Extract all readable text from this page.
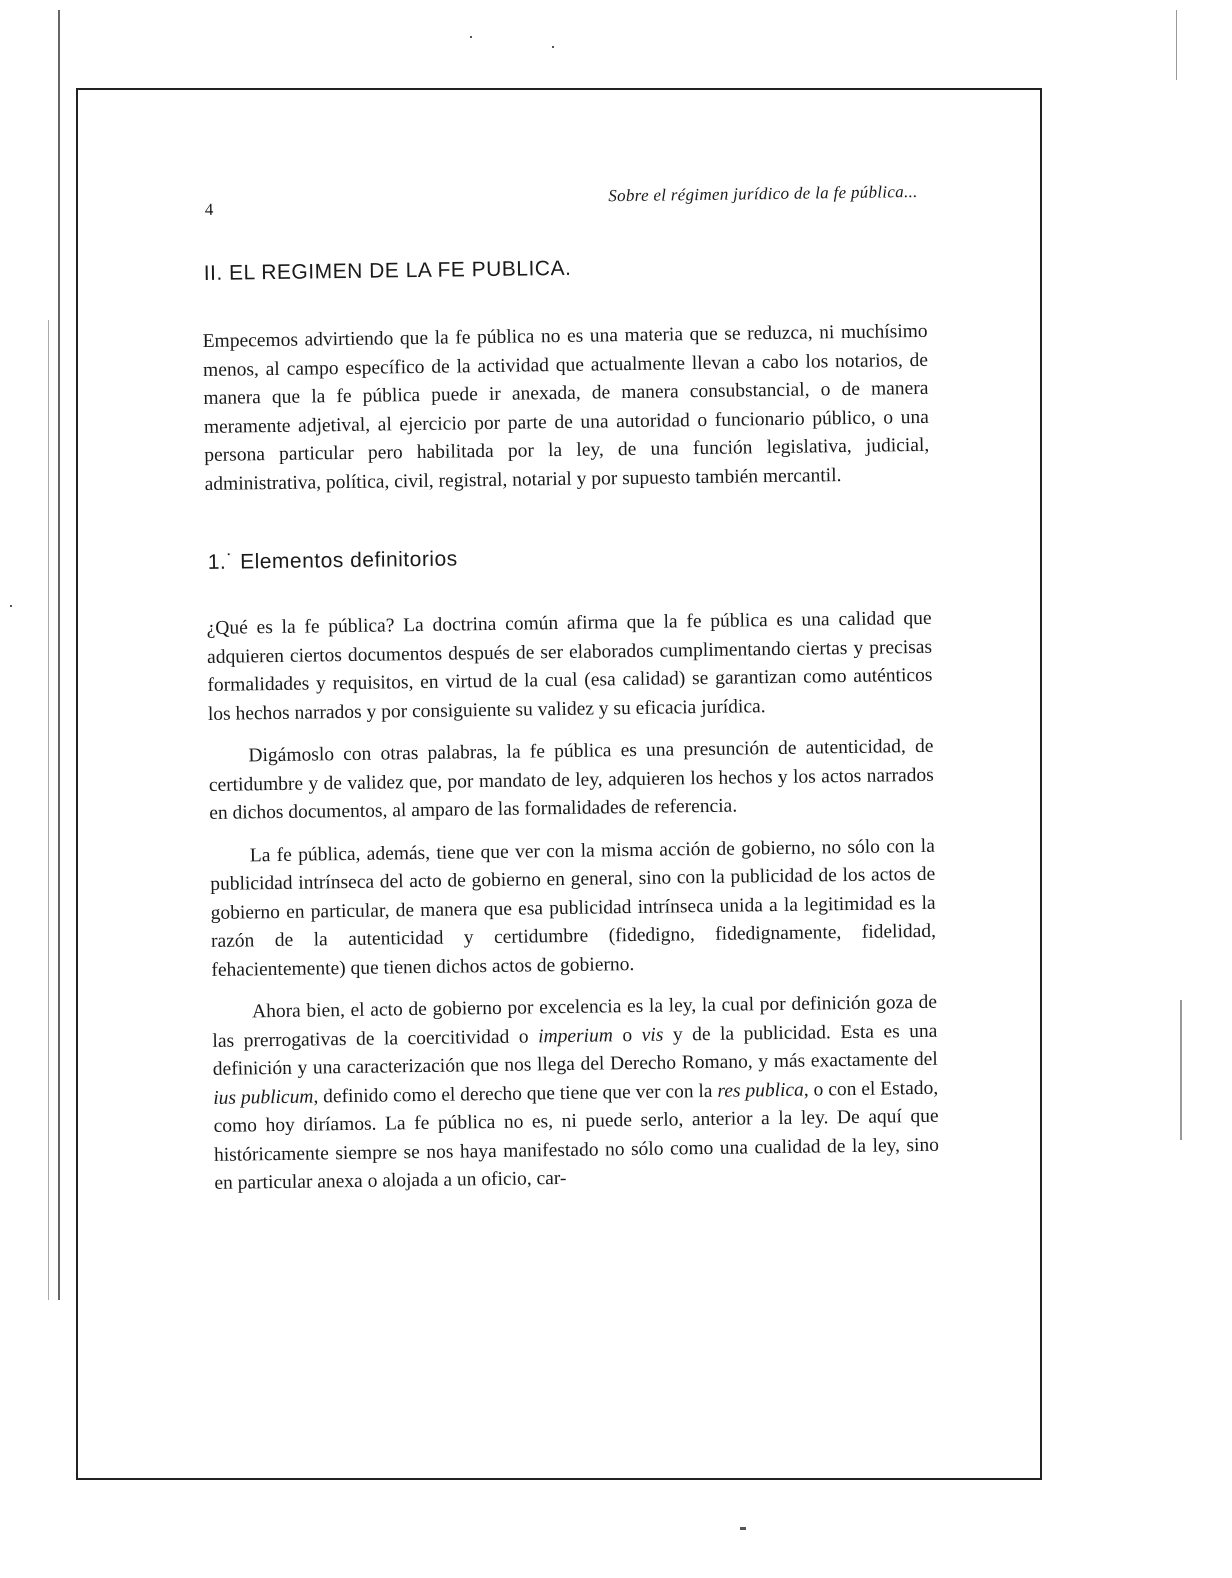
4
Sobre el régimen jurídico de la fe pública...
II. EL REGIMEN DE LA FE PUBLICA.

Empecemos advirtiendo que la fe pública no es una materia que se reduzca, ni muchísimo menos, al campo específico de la actividad que actualmente llevan a cabo los notarios, de manera que la fe pública puede ir anexada, de manera consubstancial, o de manera meramente adjetival, al ejercicio por parte de una autoridad o funcionario público, o una persona particular pero habilitada por la ley, de una función legislativa, judicial, administrativa, política, civil, registral, notarial y por supuesto también mercantil.

1.˙ Elementos definitorios

¿Qué es la fe pública? La doctrina común afirma que la fe pública es una calidad que adquieren ciertos documentos después de ser elaborados cumplimentando ciertas y precisas formalidades y requisitos, en virtud de la cual (esa calidad) se garantizan como auténticos los hechos narrados y por consiguiente su validez y su eficacia jurídica.

Digámoslo con otras palabras, la fe pública es una presunción de autenticidad, de certidumbre y de validez que, por mandato de ley, adquieren los hechos y los actos narrados en dichos documentos, al amparo de las formalidades de referencia.

La fe pública, además, tiene que ver con la misma acción de gobierno, no sólo con la publicidad intrínseca del acto de gobierno en general, sino con la publicidad de los actos de gobierno en particular, de manera que esa publicidad intrínseca unida a la legitimidad es la razón de la autenticidad y certidumbre (fidedigno, fidedignamente, fidelidad, fehacientemente) que tienen dichos actos de gobierno.

Ahora bien, el acto de gobierno por excelencia es la ley, la cual por definición goza de las prerrogativas de la coercitividad o imperium o vis y de la publicidad. Esta es una definición y una caracterización que nos llega del Derecho Romano, y más exactamente del ius publicum, definido como el derecho que tiene que ver con la res publica, o con el Estado, como hoy diríamos. La fe pública no es, ni puede serlo, anterior a la ley. De aquí que históricamente siempre se nos haya manifestado no sólo como una cualidad de la ley, sino en particular anexa o alojada a un oficio, car-
